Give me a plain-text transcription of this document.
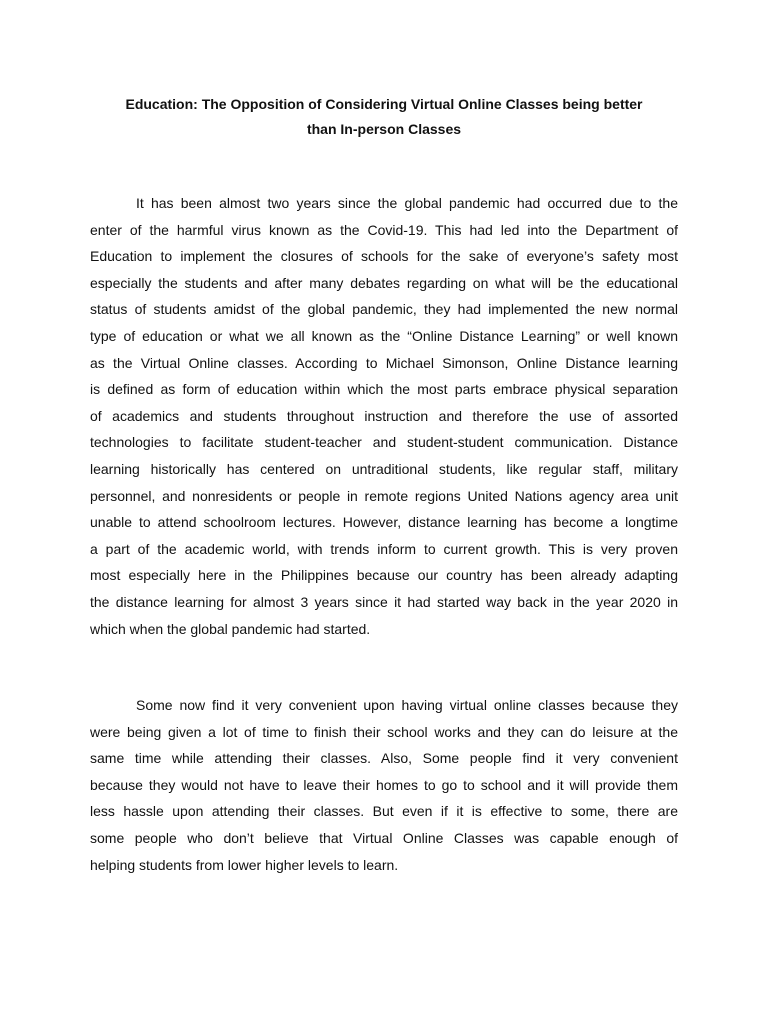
Education: The Opposition of Considering Virtual Online Classes being better
than In-person Classes

It has been almost two years since the global pandemic had occurred due to the
enter of the harmful virus known as the Covid-19. This had led into the Department of
Education to implement the closures of schools for the sake of everyone’s safety most
especially the students and after many debates regarding on what will be the educational
status of students amidst of the global pandemic, they had implemented the new normal
type of education or what we all known as the “Online Distance Learning” or well known
as the Virtual Online classes. According to Michael Simonson, Online Distance learning
is defined as form of education within which the most parts embrace physical separation
of academics and students throughout instruction and therefore the use of assorted
technologies to facilitate student-teacher and student-student communication. Distance
learning historically has centered on untraditional students, like regular staff, military
personnel, and nonresidents or people in remote regions United Nations agency area unit
unable to attend schoolroom lectures. However, distance learning has become a longtime
a part of the academic world, with trends inform to current growth. This is very proven
most especially here in the Philippines because our country has been already adapting
the distance learning for almost 3 years since it had started way back in the year 2020 in
which when the global pandemic had started.

Some now find it very convenient upon having virtual online classes because they
were being given a lot of time to finish their school works and they can do leisure at the
same time while attending their classes. Also, Some people find it very convenient
because they would not have to leave their homes to go to school and it will provide them
less hassle upon attending their classes. But even if it is effective to some, there are
some people who don’t believe that Virtual Online Classes was capable enough of
helping students from lower higher levels to learn.
